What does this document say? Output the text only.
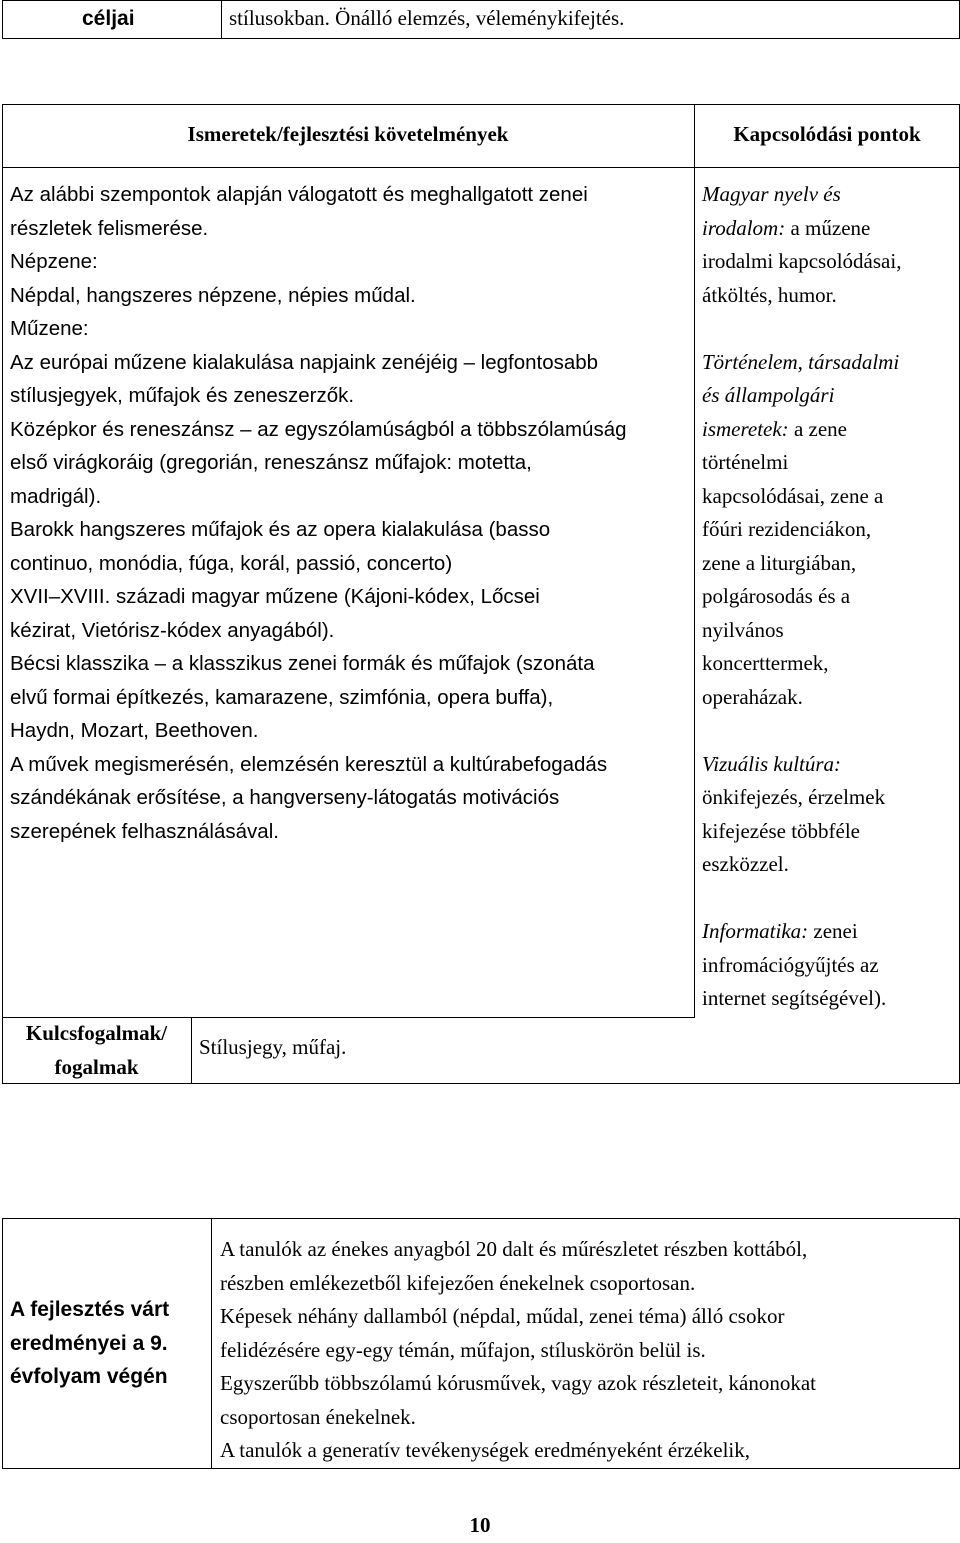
céljai	stílusokban. Önálló elemzés, véleménykifejtés.
Ismeretek/fejlesztési követelmények	Kapcsolódási pontok
Az alábbi szempontok alapján válogatott és meghallgatott zenei
részletek felismerése.
Népzene:
Népdal, hangszeres népzene, népies műdal.
Műzene:
Az európai műzene kialakulása napjaink zenéjéig – legfontosabb
stílusjegyek, műfajok és zeneszerzők.
Középkor és reneszánsz – az egyszólamúságból a többszólamúság
első virágkoráig (gregorián, reneszánsz műfajok: motetta,
madrigál).
Barokk hangszeres műfajok és az opera kialakulása (basso
continuo, monódia, fúga, korál, passió, concerto)
XVII–XVIII. századi magyar műzene (Kájoni-kódex, Lőcsei
kézirat, Vietórisz-kódex anyagából).
Bécsi klasszika – a klasszikus zenei formák és műfajok (szonáta
elvű formai építkezés, kamarazene, szimfónia, opera buffa),
Haydn, Mozart, Beethoven.
A művek megismerésén, elemzésén keresztül a kultúrabefogadás
szándékának erősítése, a hangverseny-látogatás motivációs
szerepének felhasználásával.
Magyar nyelv és
irodalom: a műzene
irodalmi kapcsolódásai,
átköltés, humor.
Történelem, társadalmi
és állampolgári
ismeretek: a zene
történelmi
kapcsolódásai, zene a
főúri rezidenciákon,
zene a liturgiában,
polgárosodás és a
nyilvános
koncerttermek,
operaházak.
Vizuális kultúra:
önkifejezés, érzelmek
kifejezése többféle
eszközzel.
Informatika: zenei
infromációgyűjtés az
internet segítségével).
Kulcsfogalmak/
fogalmak
Stílusjegy, műfaj.
A fejlesztés várt
eredményei a 9.
évfolyam végén
A tanulók az énekes anyagból 20 dalt és műrészletet részben kottából,
részben emlékezetből kifejezően énekelnek csoportosan.
Képesek néhány dallamból (népdal, műdal, zenei téma) álló csokor
felidézésére egy-egy témán, műfajon, stíluskörön belül is.
Egyszerűbb többszólamú kórusművek, vagy azok részleteit, kánonokat
csoportosan énekelnek.
A tanulók a generatív tevékenységek eredményeként érzékelik,
10
